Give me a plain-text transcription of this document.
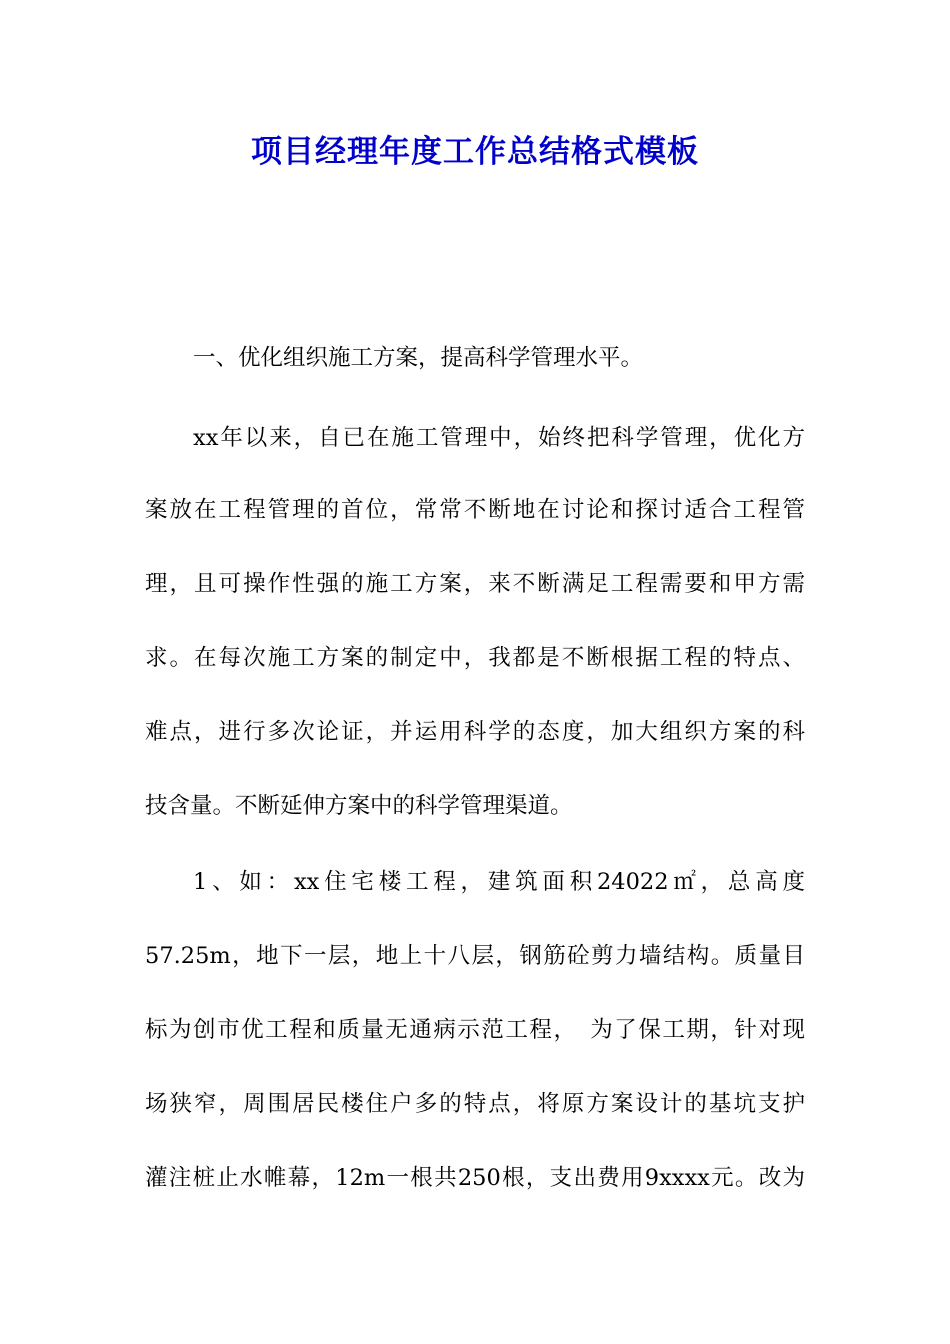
项目经理年度工作总结格式模板
一、优化组织施工方案，提高科学管理水平。
xx年以来，自已在施工管理中，始终把科学管理，优化方
案放在工程管理的首位，常常不断地在讨论和探讨适合工程管
理，且可操作性强的施工方案，来不断满足工程需要和甲方需
求。在每次施工方案的制定中，我都是不断根据工程的特点、
难点，进行多次论证，并运用科学的态度，加大组织方案的科
技含量。不断延伸方案中的科学管理渠道。
1、如：xx住宅楼工程，建筑面积24022㎡，总高度
57.25m，地下一层，地上十八层，钢筋砼剪力墙结构。质量目
标为创市优工程和质量无通病示范工程，　为了保工期，针对现
场狭窄，周围居民楼住户多的特点，将原方案设计的基坑支护
灌注桩止水帷幕，12m一根共250根，支出费用9xxxx元。改为
